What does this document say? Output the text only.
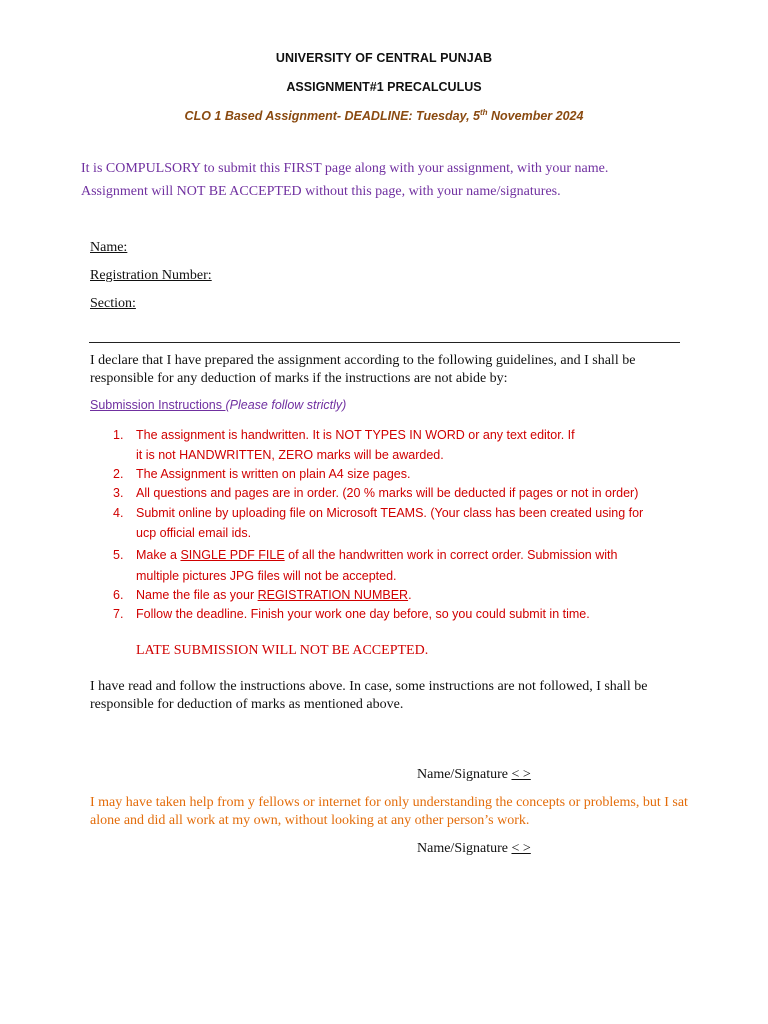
UNIVERSITY OF CENTRAL PUNJAB
ASSIGNMENT#1 PRECALCULUS
CLO 1 Based Assignment- DEADLINE: Tuesday, 5th November 2024
It is COMPULSORY to submit this FIRST page along with your assignment, with your name.
Assignment will NOT BE ACCEPTED without this page, with your name/signatures.
Name:
Registration Number:
Section:
I declare that I have prepared the assignment according to the following guidelines, and I shall be
responsible for any deduction of marks if the instructions are not abide by:
Submission Instructions (Please follow strictly)
1. The assignment is handwritten. It is NOT TYPES IN WORD or any text editor. If
it is not HANDWRITTEN, ZERO marks will be awarded.
2. The Assignment is written on plain A4 size pages.
3. All questions and pages are in order. (20 % marks will be deducted if pages or not in order)
4. Submit online by uploading file on Microsoft TEAMS. (Your class has been created using for
ucp official email ids.
5. Make a SINGLE PDF FILE of all the handwritten work in correct order. Submission with
multiple pictures JPG files will not be accepted.
6. Name the file as your REGISTRATION NUMBER.
7. Follow the deadline. Finish your work one day before, so you could submit in time.
LATE SUBMISSION WILL NOT BE ACCEPTED.
I have read and follow the instructions above. In case, some instructions are not followed, I shall be
responsible for deduction of marks as mentioned above.
Name/Signature < >
I may have taken help from y fellows or internet for only understanding the concepts or problems, but I sat
alone and did all work at my own, without looking at any other person’s work.
Name/Signature < >
